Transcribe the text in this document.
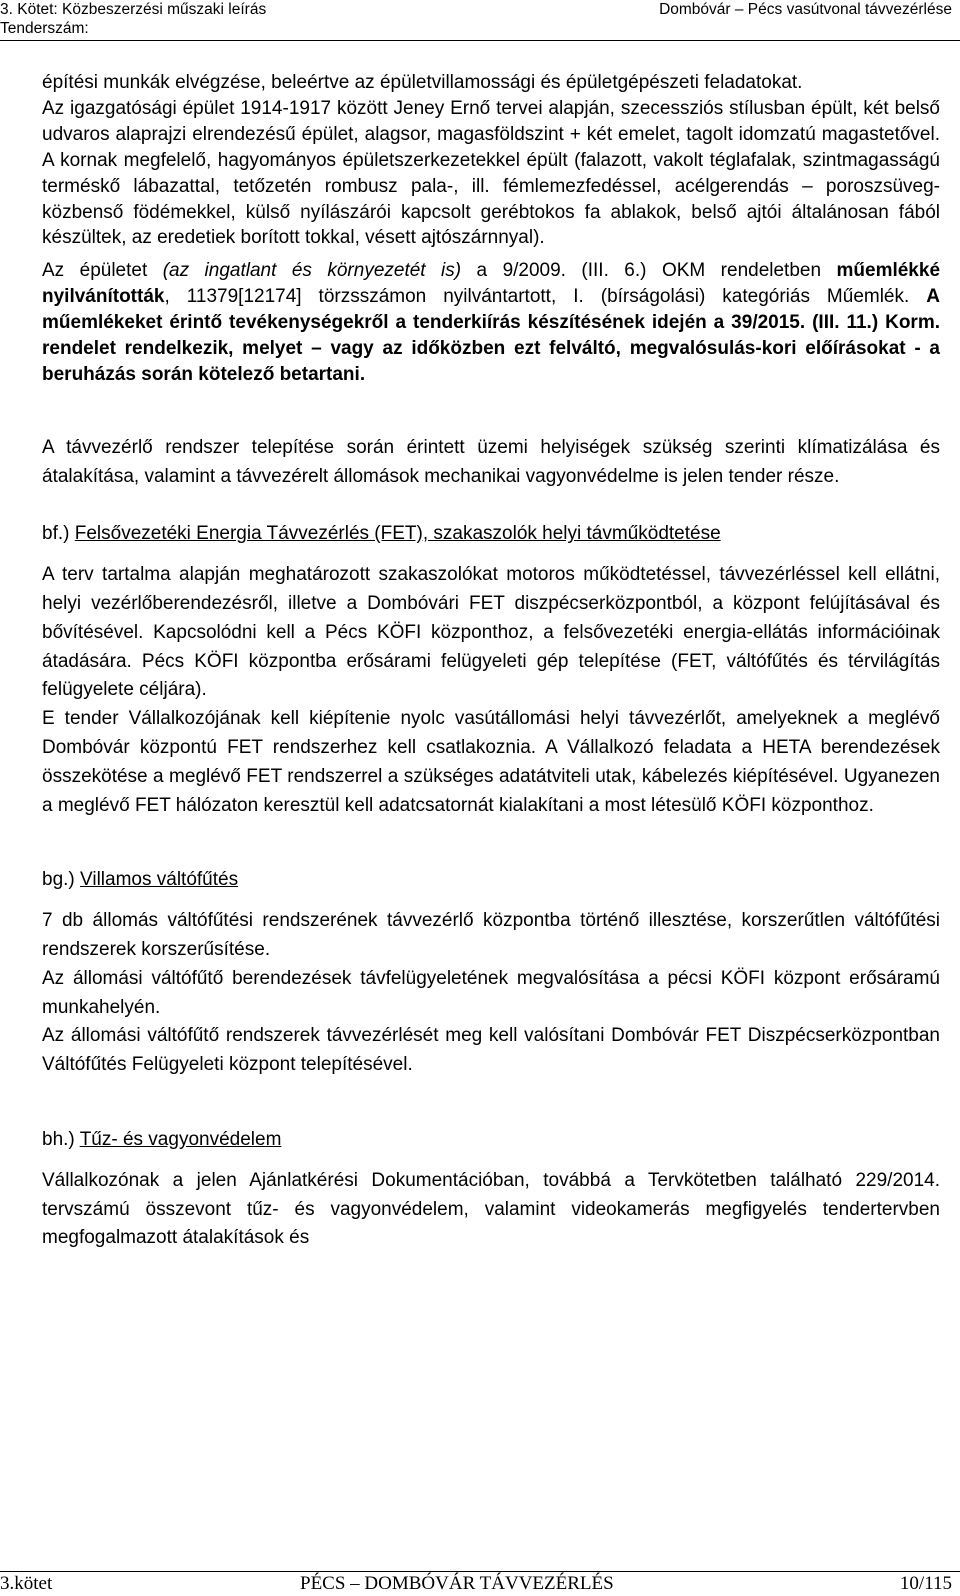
3. Kötet: Közbeszerzési műszaki leírás
Tenderszám:
Dombóvár – Pécs vasútvonal távvezérlése

építési munkák elvégzése, beleértve az épületvillamossági és épületgépészeti feladatokat.

Az igazgatósági épület 1914-1917 között Jeney Ernő tervei alapján, szecessziós stílusban épült, két belső udvaros alaprajzi elrendezésű épület, alagsor, magasföldszint + két emelet, tagolt idomzatú magastetővel. A kornak megfelelő, hagyományos épületszerkezetekkel épült (falazott, vakolt téglafalak, szintmagasságú terméskő lábazattal, tetőzetén rombusz pala-, ill. fémlemezfedéssel, acélgerendás – poroszsüveg- közbenső födémekkel, külső nyílászárói kapcsolt gerébtokos fa ablakok, belső ajtói általánosan fából készültek, az eredetiek borított tokkal, vésett ajtószárnnyal).

Az épületet (az ingatlant és környezetét is) a 9/2009. (III. 6.) OKM rendeletben műemlékké nyilvánították, 11379[12174] törzsszámon nyilvántartott, I. (bírságolási) kategóriás Műemlék. A műemlékeket érintő tevékenységekről a tenderkiírás készítésének idején a 39/2015. (III. 11.) Korm. rendelet rendelkezik, melyet – vagy az időközben ezt felváltó, megvalósulás-kori előírásokat - a beruházás során kötelező betartani.

A távvezérlő rendszer telepítése során érintett üzemi helyiségek szükség szerinti klímatizálása és átalakítása, valamint a távvezérelt állomások mechanikai vagyonvédelme is jelen tender része.

bf.) Felsővezetéki Energia Távvezérlés (FET), szakaszolók helyi távműködtetése

A terv tartalma alapján meghatározott szakaszolókat motoros működtetéssel, távvezérléssel kell ellátni, helyi vezérlőberendezésről, illetve a Dombóvári FET diszpécserközpontból, a központ felújításával és bővítésével. Kapcsolódni kell a Pécs KÖFI központhoz, a felsővezetéki energia-ellátás információinak átadására. Pécs KÖFI központba erősárami felügyeleti gép telepítése (FET, váltófűtés és térvilágítás felügyelete céljára).

E tender Vállalkozójának kell kiépítenie nyolc vasútállomási helyi távvezérlőt, amelyeknek a meglévő Dombóvár központú FET rendszerhez kell csatlakoznia. A Vállalkozó feladata a HETA berendezések összekötése a meglévő FET rendszerrel a szükséges adatátviteli utak, kábelezés kiépítésével. Ugyanezen a meglévő FET hálózaton keresztül kell adatcsatornát kialakítani a most létesülő KÖFI központhoz.

bg.) Villamos váltófűtés

7 db állomás váltófűtési rendszerének távvezérlő központba történő illesztése, korszerűtlen váltófűtési rendszerek korszerűsítése.

Az állomási váltófűtő berendezések távfelügyeletének megvalósítása a pécsi KÖFI központ erősáramú munkahelyén.

Az állomási váltófűtő rendszerek távvezérlését meg kell valósítani Dombóvár FET Diszpécserközpontban Váltófűtés Felügyeleti központ telepítésével.

bh.) Tűz- és vagyonvédelem

Vállalkozónak a jelen Ajánlatkérési Dokumentációban, továbbá a Tervkötetben található 229/2014. tervszámú összevont tűz- és vagyonvédelem, valamint videokamerás megfigyelés tendertervben megfogalmazott átalakítások és

3.kötet	PÉCS – DOMBÓVÁR TÁVVEZÉRLÉS	10/115
